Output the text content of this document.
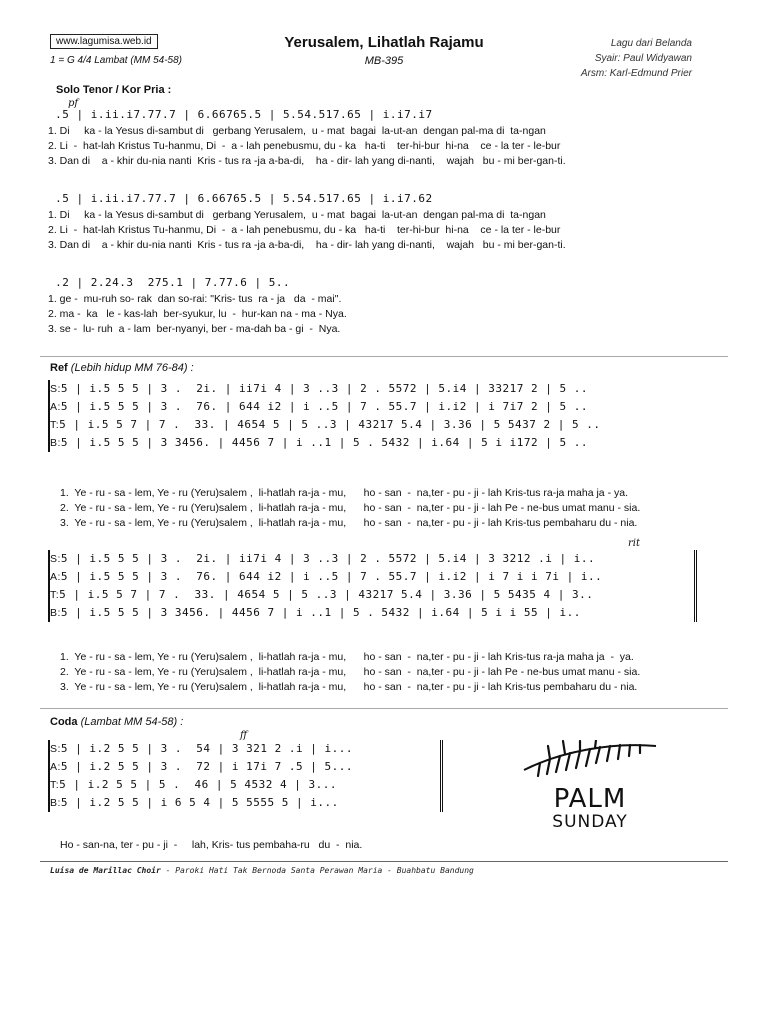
www.lagumisa.web.id
1 = G 4/4 Lambat (MM 54-58)
Yerusalem, Lihatlah Rajamu
MB-395
Lagu dari Belanda
Syair: Paul Widyawan
Arsm: Karl-Edmund Prier
Solo Tenor / Kor Pria :
pf
.5 | i.ii.i7.77.7 | 6.66765.5 | 5.54.517.65 | i.i7.i7
1. Di     ka - la Yesus di-sambut di   gerbang Yerusalem,  u - mat  bagai  la-ut-an  dengan pal-ma di  ta-ngan
2. Li  -  hat-lah Kristus Tu-hanmu, Di  -  a - lah penebusmu, du - ka   ha-ti    ter-hi-bur  hi-na    ce - la ter - le-bur
3. Dan di    a - khir du-nia nanti  Kris - tus ra -ja a-ba-di,    ha - dir- lah yang di-nanti,    wajah   bu - mi ber-gan-ti.
.5 | i.ii.i7.77.7 | 6.66765.5 | 5.54.517.65 | i.i7.62
1. Di     ka - la Yesus di-sambut di   gerbang Yerusalem,  u - mat  bagai  la-ut-an  dengan pal-ma di  ta-ngan
2. Li  -  hat-lah Kristus Tu-hanmu, Di  -  a - lah penebusmu, du - ka   ha-ti    ter-hi-bur  hi-na    ce - la ter - le-bur
3. Dan di    a - khir du-nia nanti  Kris - tus ra -ja a-ba-di,    ha - dir- lah yang di-nanti,    wajah   bu - mi ber-gan-ti.
.2 | 2.24.3  275.1 | 7.77.6 | 5..
1. ge -  mu-ruh so- rak  dan so-rai: "Kris- tus  ra - ja   da  - mai".
2. ma -  ka   le - kas-lah  ber-syukur, lu  -  hur-kan na - ma - Nya.
3. se -  lu- ruh  a - lam  ber-nyanyi, ber - ma-dah ba - gi  -  Nya.
Ref (Lebih hidup MM 76-84) :
S:5 | i.5 5 5 | 3 .  2i. | ii7i 4 | 3 ..3 | 2 . 5572 | 5.i4 | 33217 2 | 5 ..
A:5 | i.5 5 5 | 3 .  76. | 644 i2 | i ..5 | 7 . 55.7 | i.i2 | i 7i7 2 | 5 ..
T:5 | i.5 5 7 | 7 .  33. | 4654 5 | 5 ..3 | 43217 5.4 | 3.36 | 5 5437 2 | 5 ..
B:5 | i.5 5 5 | 3 3456. | 4456 7 | i ..1 | 5 . 5432 | i.64 | 5 i i172 | 5 ..
1.  Ye - ru - sa - lem, Ye - ru (Yeru)salem ,  li-hatlah ra-ja - mu,      ho - san  -  na,ter - pu - ji - lah Kris-tus ra-ja maha ja - ya.
2.  Ye - ru - sa - lem, Ye - ru (Yeru)salem ,  li-hatlah ra-ja - mu,      ho - san  -  na,ter - pu - ji - lah Pe - ne-bus umat manu - sia.
3.  Ye - ru - sa - lem, Ye - ru (Yeru)salem ,  li-hatlah ra-ja - mu,      ho - san  -  na,ter - pu - ji - lah Kris-tus pembaharu du - nia.
rit
S:5 | i.5 5 5 | 3 .  2i. | ii7i 4 | 3 ..3 | 2 . 5572 | 5.i4 | 3 3212 .i | i..
A:5 | i.5 5 5 | 3 .  76. | 644 i2 | i ..5 | 7 . 55.7 | i.i2 | i 7 i i 7i | i..
T:5 | i.5 5 7 | 7 .  33. | 4654 5 | 5 ..3 | 43217 5.4 | 3.36 | 5 5435 4 | 3..
B:5 | i.5 5 5 | 3 3456. | 4456 7 | i ..1 | 5 . 5432 | i.64 | 5 i i 55 | i..
1.  Ye - ru - sa - lem, Ye - ru (Yeru)salem ,  li-hatlah ra-ja - mu,      ho - san  -  na,ter - pu - ji - lah Kris-tus ra-ja maha ja  -  ya.
2.  Ye - ru - sa - lem, Ye - ru (Yeru)salem ,  li-hatlah ra-ja - mu,      ho - san  -  na,ter - pu - ji - lah Pe - ne-bus umat manu - sia.
3.  Ye - ru - sa - lem, Ye - ru (Yeru)salem ,  li-hatlah ra-ja - mu,      ho - san  -  na,ter - pu - ji - lah Kris-tus pembaharu du - nia.
Coda (Lambat MM 54-58) :
ff
S:5 | i.2 5 5 | 3 .  54 | 3 321 2 .i | i...
A:5 | i.2 5 5 | 3 .  72 | i 17i 7 .5 | 5...
T:5 | i.2 5 5 | 5 .  46 | 5 4532 4 | 3...
B:5 | i.2 5 5 | i 6 5 4 | 5 5555 5 | i...
Ho - san-na, ter - pu - ji  -     lah, Kris- tus pembaha-ru   du  -  nia.
PALM
SUNDAY
Luisa de Marillac Choir - Paroki Hati Tak Bernoda Santa Perawan Maria - Buahbatu Bandung
